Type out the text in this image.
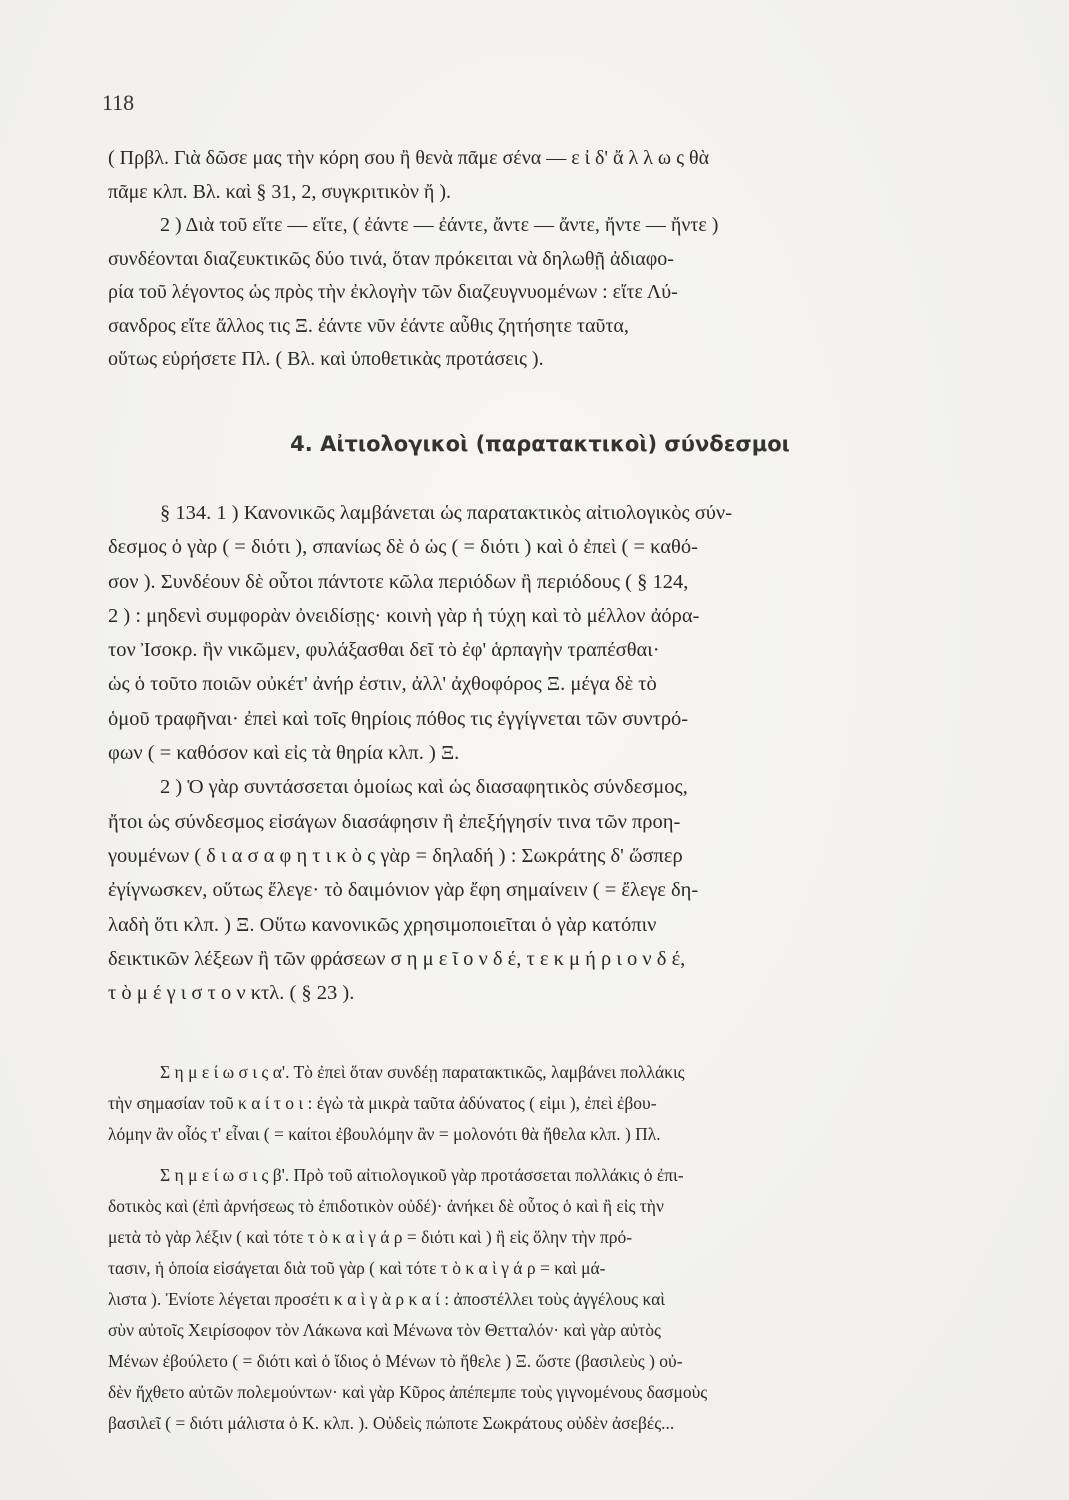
118
( Πρβλ. Γιὰ δῶσε μας τὴν κόρη σου ἢ θενὰ πᾶμε σένα — ε ἰ δ' ἄ λ λ ω ς θὰ
πᾶμε κλπ. Βλ. καὶ § 31, 2, συγκριτικὸν ἤ ).
2 ) Διὰ τοῦ εἴτε — εἴτε, ( ἐάντε — ἐάντε, ἄντε — ἄντε, ἤντε — ἤντε )
συνδέονται διαζευκτικῶς δύο τινά, ὅταν πρόκειται νὰ δηλωθῇ ἀδιαφο-
ρία τοῦ λέγοντος ὡς πρὸς τὴν ἐκλογὴν τῶν διαζευγνυομένων : εἴτε Λύ-
σανδρος εἴτε ἄλλος τις Ξ. ἐάντε νῦν ἐάντε αὖθις ζητήσητε ταῦτα,
οὕτως εὑρήσετε Πλ. ( Βλ. καὶ ὑποθετικὰς προτάσεις ).
4. Αἰτιολογικοὶ (παρατακτικοὶ) σύνδεσμοι
§ 134. 1 ) Κανονικῶς λαμβάνεται ὡς παρατακτικὸς αἰτιολογικὸς σύν-
δεσμος ὁ γὰρ ( = διότι ), σπανίως δὲ ὁ ὡς ( = διότι ) καὶ ὁ ἐπεὶ ( = καθό-
σον ). Συνδέουν δὲ οὗτοι πάντοτε κῶλα περιόδων ἢ περιόδους ( § 124,
2 ) : μηδενὶ συμφορὰν ὀνειδίσῃς· κοινὴ γὰρ ἡ τύχη καὶ τὸ μέλλον ἀόρα-
τον Ἰσοκρ. ἣν νικῶμεν, φυλάξασθαι δεῖ τὸ ἐφ' ἁρπαγὴν τραπέσθαι·
ὡς ὁ τοῦτο ποιῶν οὐκέτ' ἀνήρ ἐστιν, ἀλλ' ἀχθοφόρος Ξ. μέγα δὲ τὸ
ὁμοῦ τραφῆναι· ἐπεὶ καὶ τοῖς θηρίοις πόθος τις ἐγγίγνεται τῶν συντρό-
φων ( = καθόσον καὶ εἰς τὰ θηρία κλπ. ) Ξ.
2 ) Ὁ γὰρ συντάσσεται ὁμοίως καὶ ὡς διασαφητικὸς σύνδεσμος,
ἤτοι ὡς σύνδεσμος εἰσάγων διασάφησιν ἢ ἐπεξήγησίν τινα τῶν προη-
γουμένων ( δ ι α σ α φ η τ ι κ ὸ ς γὰρ = δηλαδή ) : Σωκράτης δ' ὥσπερ
ἐγίγνωσκεν, οὕτως ἔλεγε· τὸ δαιμόνιον γὰρ ἔφη σημαίνειν ( = ἔλεγε δη-
λαδὴ ὅτι κλπ. ) Ξ. Οὕτω κανονικῶς χρησιμοποιεῖται ὁ γὰρ κατόπιν
δεικτικῶν λέξεων ἢ τῶν φράσεων σ η μ ε ῖ ο ν δ έ, τ ε κ μ ή ρ ι ο ν δ έ,
τ ὸ μ έ γ ι σ τ ο ν κτλ. ( § 23 ).
Σ η μ ε ί ω σ ι ς α'. Τὸ ἐπεὶ ὅταν συνδέῃ παρατακτικῶς, λαμβάνει πολλάκις
τὴν σημασίαν τοῦ κ α ί τ ο ι : ἐγὼ τὰ μικρὰ ταῦτα ἀδύνατος ( εἰμι ), ἐπεὶ ἐβου-
λόμην ἂν οἷός τ' εἶναι ( = καίτοι ἐβουλόμην ἂν = μολονότι θὰ ἤθελα κλπ. ) Πλ.
Σ η μ ε ί ω σ ι ς β'. Πρὸ τοῦ αἰτιολογικοῦ γὰρ προτάσσεται πολλάκις ὁ ἐπι-
δοτικὸς καὶ (ἐπὶ ἀρνήσεως τὸ ἐπιδοτικὸν οὐδέ)· ἀνήκει δὲ οὗτος ὁ καὶ ἢ εἰς τὴν
μετὰ τὸ γὰρ λέξιν ( καὶ τότε τ ὸ κ α ὶ γ ά ρ = διότι καὶ ) ἢ εἰς ὅλην τὴν πρό-
τασιν, ἡ ὁποία εἰσάγεται διὰ τοῦ γὰρ ( καὶ τότε τ ὸ κ α ὶ γ ά ρ = καὶ μά-
λιστα ). Ἐνίοτε λέγεται προσέτι κ α ὶ γ ὰ ρ κ α ί : ἀποστέλλει τοὺς ἀγγέλους καὶ
σὺν αὐτοῖς Χειρίσοφον τὸν Λάκωνα καὶ Μένωνα τὸν Θετταλόν· καὶ γὰρ αὐτὸς
Μένων ἐβούλετο ( = διότι καὶ ὁ ἴδιος ὁ Μένων τὸ ἤθελε ) Ξ. ὥστε (βασιλεὺς ) οὐ-
δὲν ἤχθετο αὐτῶν πολεμούντων· καὶ γὰρ Κῦρος ἀπέπεμπε τοὺς γιγνομένους δασμοὺς
βασιλεῖ ( = διότι μάλιστα ὁ Κ. κλπ. ). Οὐδεὶς πώποτε Σωκράτους οὐδὲν ἀσεβές...
